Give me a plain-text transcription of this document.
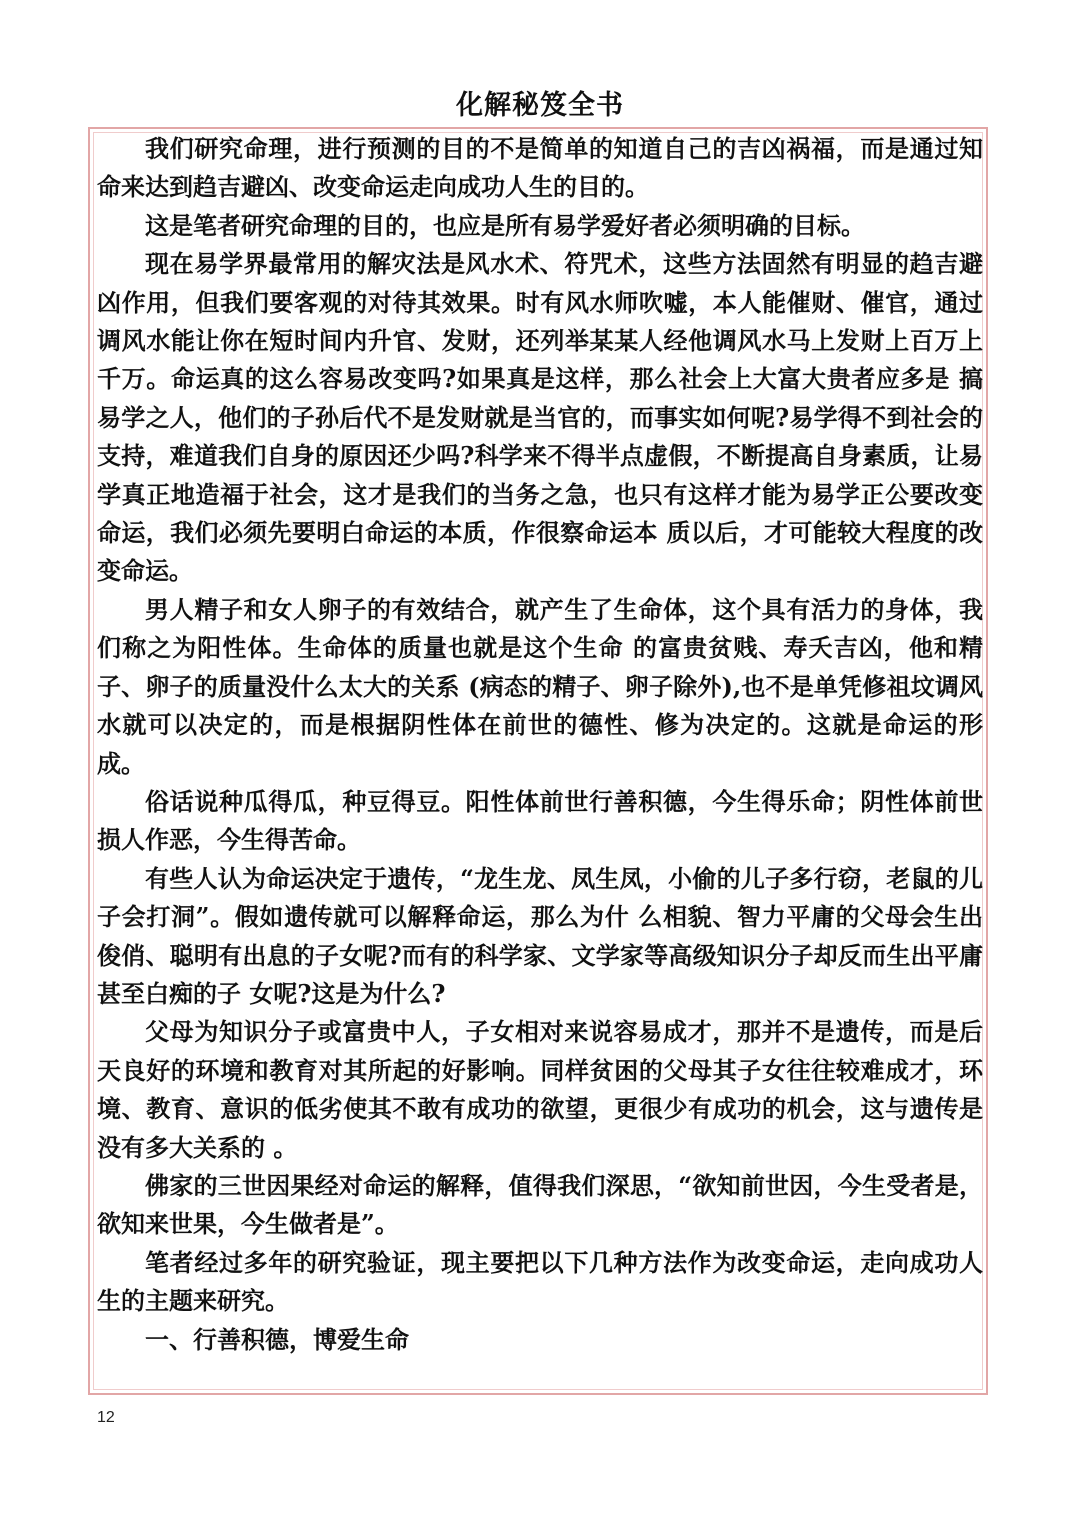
化解秘笈全书

我们研究命理，进行预测的目的不是简单的知道自己的吉凶祸福，而是通过知命来达到趋吉避凶、改变命运走向成功人生的目的。

这是笔者研究命理的目的，也应是所有易学爱好者必须明确的目标。

现在易学界最常用的解灾法是风水术、符咒术，这些方法固然有明显的趋吉避凶作用，但我们要客观的对待其效果。时有风水师吹嘘，本人能催财、催官，通过调风水能让你在短时间内升官、发财，还列举某某人经他调风水马上发财上百万上千万。命运真的这么容易改变吗?如果真是这样，那么社会上大富大贵者应多是 搞易学之人，他们的子孙后代不是发财就是当官的，而事实如何呢?易学得不到社会的支持，难道我们自身的原因还少吗?科学来不得半点虚假，不断提高自身素质，让易学真正地造福于社会，这才是我们的当务之急，也只有这样才能为易学正公要改变命运，我们必须先要明白命运的本质，作很察命运本 质以后，才可能较大程度的改变命运。

男人精子和女人卵子的有效结合，就产生了生命体，这个具有活力的身体，我们称之为阳性体。生命体的质量也就是这个生命 的富贵贫贱、寿夭吉凶，他和精子、卵子的质量没什么太大的关系 (病态的精子、卵子除外),也不是单凭修祖坟调风水就可以决定的，而是根据阴性体在前世的德性、修为决定的。这就是命运的形 成。

俗话说种瓜得瓜，种豆得豆。阳性体前世行善积德，今生得乐命；阴性体前世损人作恶，今生得苦命。

有些人认为命运决定于遗传，“龙生龙、凤生凤，小偷的儿子多行窃，老鼠的儿子会打洞”。假如遗传就可以解释命运，那么为什 么相貌、智力平庸的父母会生出俊俏、聪明有出息的子女呢?而有的科学家、文学家等高级知识分子却反而生出平庸甚至白痴的子 女呢?这是为什么?

父母为知识分子或富贵中人，子女相对来说容易成才，那并不是遗传，而是后天良好的环境和教育对其所起的好影响。同样贫困的父母其子女往往较难成才，环境、教育、意识的低劣使其不敢有成功的欲望，更很少有成功的机会，这与遗传是没有多大关系的 。

佛家的三世因果经对命运的解释，值得我们深思，“欲知前世因，今生受者是，欲知来世果，今生做者是”。

笔者经过多年的研究验证，现主要把以下几种方法作为改变命运，走向成功人生的主题来研究。

一、行善积德，博爱生命

12
